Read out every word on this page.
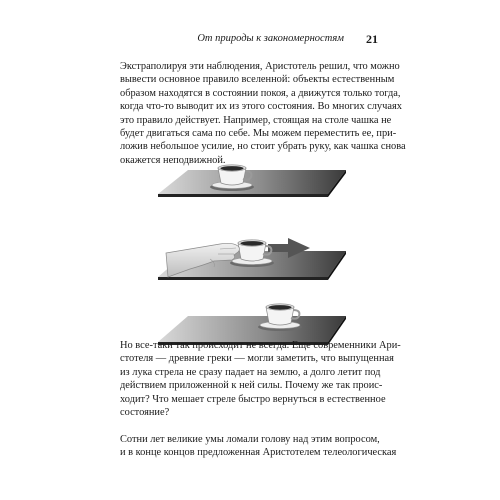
От природы к закономерностям 21

Экстраполируя эти наблюдения, Аристотель решил, что можно
вывести основное правило вселенной: объекты естественным
образом находятся в состоянии покоя, а движутся только тогда,
когда что-то выводит их из этого состояния. Во многих случаях
это правило действует. Например, стоящая на столе чашка не
будет двигаться сама по себе. Мы можем переместить ее, при-
ложив небольшое усилие, но стоит убрать руку, как чашка снова
окажется неподвижной.

Но все-таки так происходит не всегда. Еще современники Ари-
стотеля — древние греки — могли заметить, что выпущенная
из лука стрела не сразу падает на землю, а долго летит под
действием приложенной к ней силы. Почему же так проис-
ходит? Что мешает стреле быстро вернуться в естественное
состояние?

Сотни лет великие умы ломали голову над этим вопросом,
и в конце концов предложенная Аристотелем телеологическая
